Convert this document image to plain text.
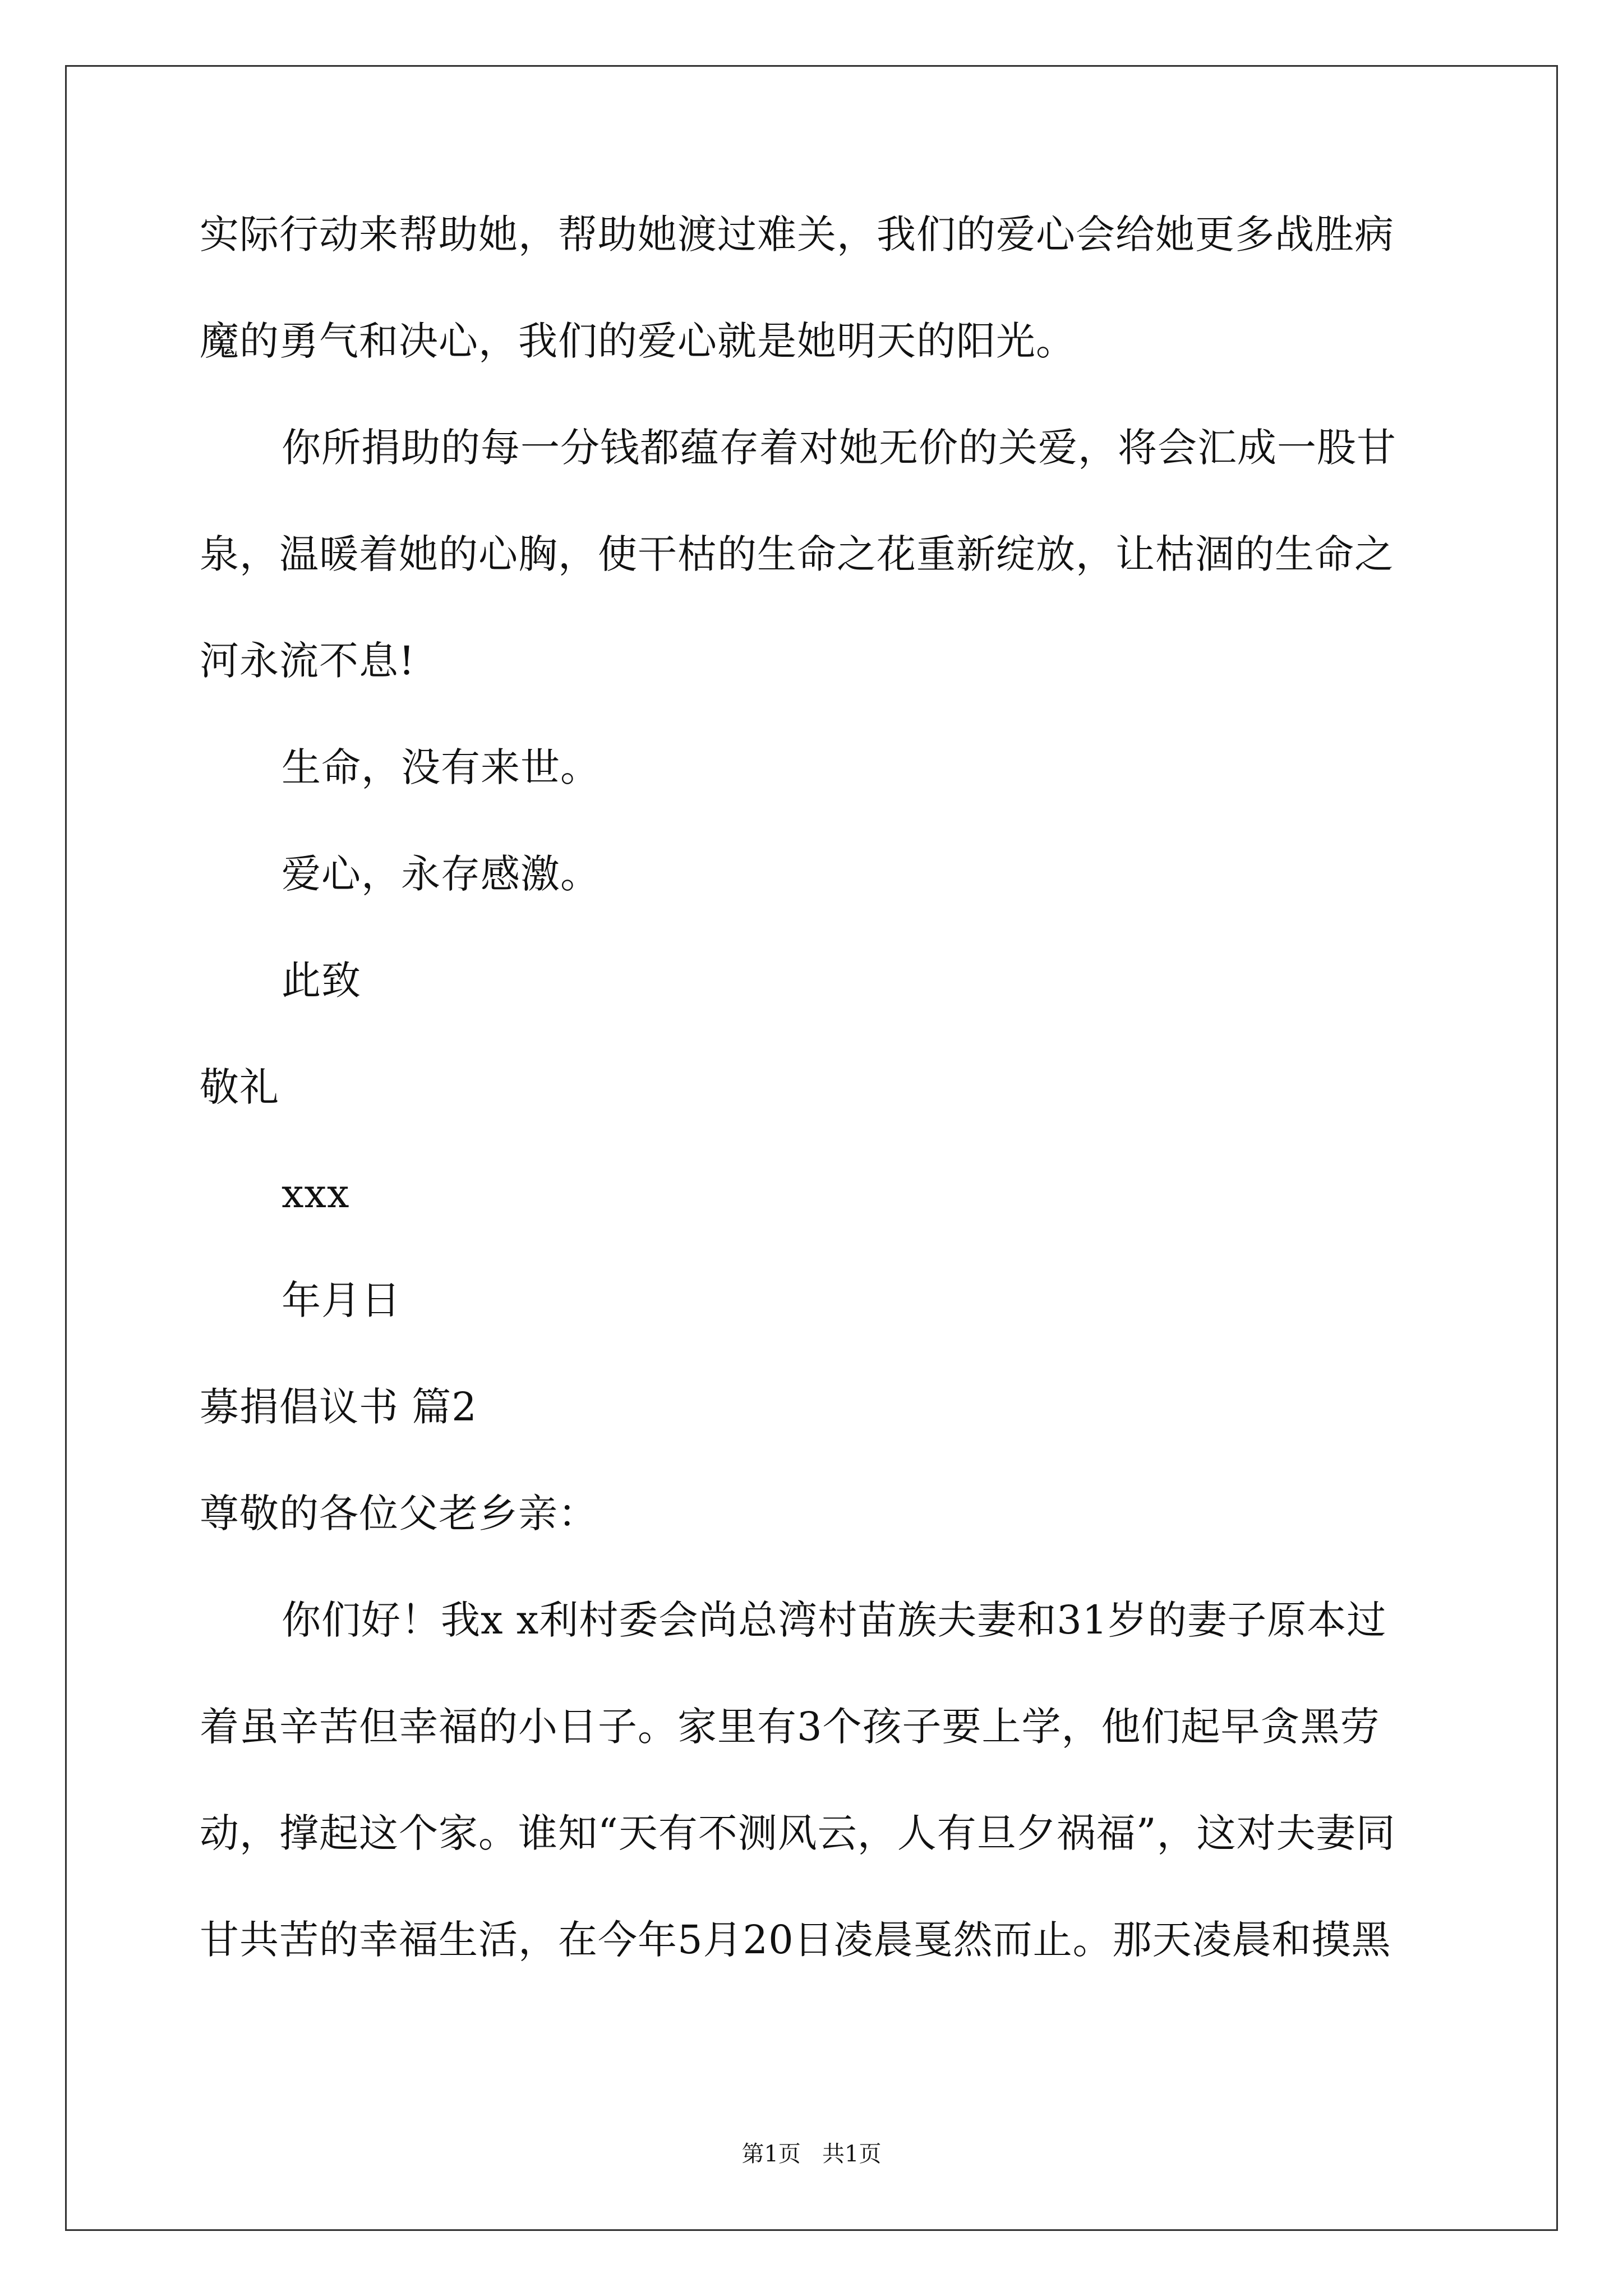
实际行动来帮助她，帮助她渡过难关，我们的爱心会给她更多战胜病
魔的勇气和决心，我们的爱心就是她明天的阳光。
你所捐助的每一分钱都蕴存着对她无价的关爱，将会汇成一股甘
泉，温暖着她的心胸，使干枯的生命之花重新绽放，让枯涸的生命之
河永流不息!
生命，没有来世。
爱心，永存感激。
此致
敬礼
xxx
年月日
募捐倡议书 篇2
尊敬的各位父老乡亲：
你们好！我x x利村委会尚总湾村苗族夫妻和31岁的妻子原本过
着虽辛苦但幸福的小日子。家里有3个孩子要上学，他们起早贪黑劳
动，撑起这个家。谁知“天有不测风云，人有旦夕祸福”，这对夫妻同
甘共苦的幸福生活，在今年5月20日凌晨戛然而止。那天凌晨和摸黑
第1页   共1页
